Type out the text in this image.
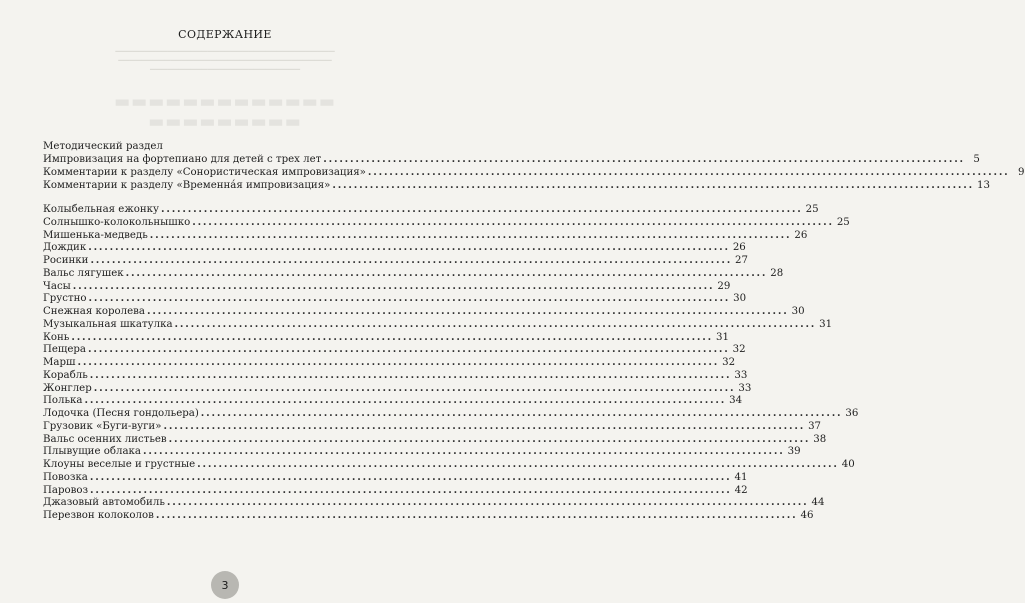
▁▁▁▁▁▁▁▁▁▁▁▁▁▁▁▁▁▁▁▁▁▁▁▁▁▁▁▁▁▁▁▁▁▁▁▁▁▁
▁▁▁▁▁▁▁▁▁▁▁▁▁▁▁▁▁▁▁▁▁▁▁▁▁▁▁▁▁▁▁▁▁▁▁▁▁
▁▁▁▁▁▁▁▁▁▁▁▁▁▁▁▁▁▁▁▁▁▁▁▁▁▁
▬▬▬▬▬▬▬▬▬▬▬▬▬
▬▬▬▬▬▬▬▬▬
СОДЕРЖАНИЕ
Методический раздел
Импровизация на фортепиано для детей с трех лет ........................................................................................................................ 5
Комментарии к разделу «Сонористическая импровизация» ........................................................................................................................ 9
Комментарии к разделу «Временна́я импровизация» ........................................................................................................................ 13
Колыбельная ежонку ........................................................................................................................ 25
Солнышко-колокольнышко ........................................................................................................................ 25
Мишенька-медведь ........................................................................................................................ 26
Дождик ........................................................................................................................ 26
Росинки ........................................................................................................................ 27
Вальс лягушек ........................................................................................................................ 28
Часы ........................................................................................................................ 29
Грустно ........................................................................................................................ 30
Снежная королева ........................................................................................................................ 30
Музыкальная шкатулка ........................................................................................................................ 31
Конь ........................................................................................................................ 31
Пещера ........................................................................................................................ 32
Марш ........................................................................................................................ 32
Корабль ........................................................................................................................ 33
Жонглер ........................................................................................................................ 33
Полька ........................................................................................................................ 34
Лодочка (Песня гондольера) ........................................................................................................................ 36
Грузовик «Буги-вуги» ........................................................................................................................ 37
Вальс осенних листьев ........................................................................................................................ 38
Плывущие облака ........................................................................................................................ 39
Клоуны веселые и грустные ........................................................................................................................ 40
Повозка ........................................................................................................................ 41
Паровоз ........................................................................................................................ 42
Джазовый автомобиль ........................................................................................................................ 44
Перезвон колоколов ........................................................................................................................ 46
3
